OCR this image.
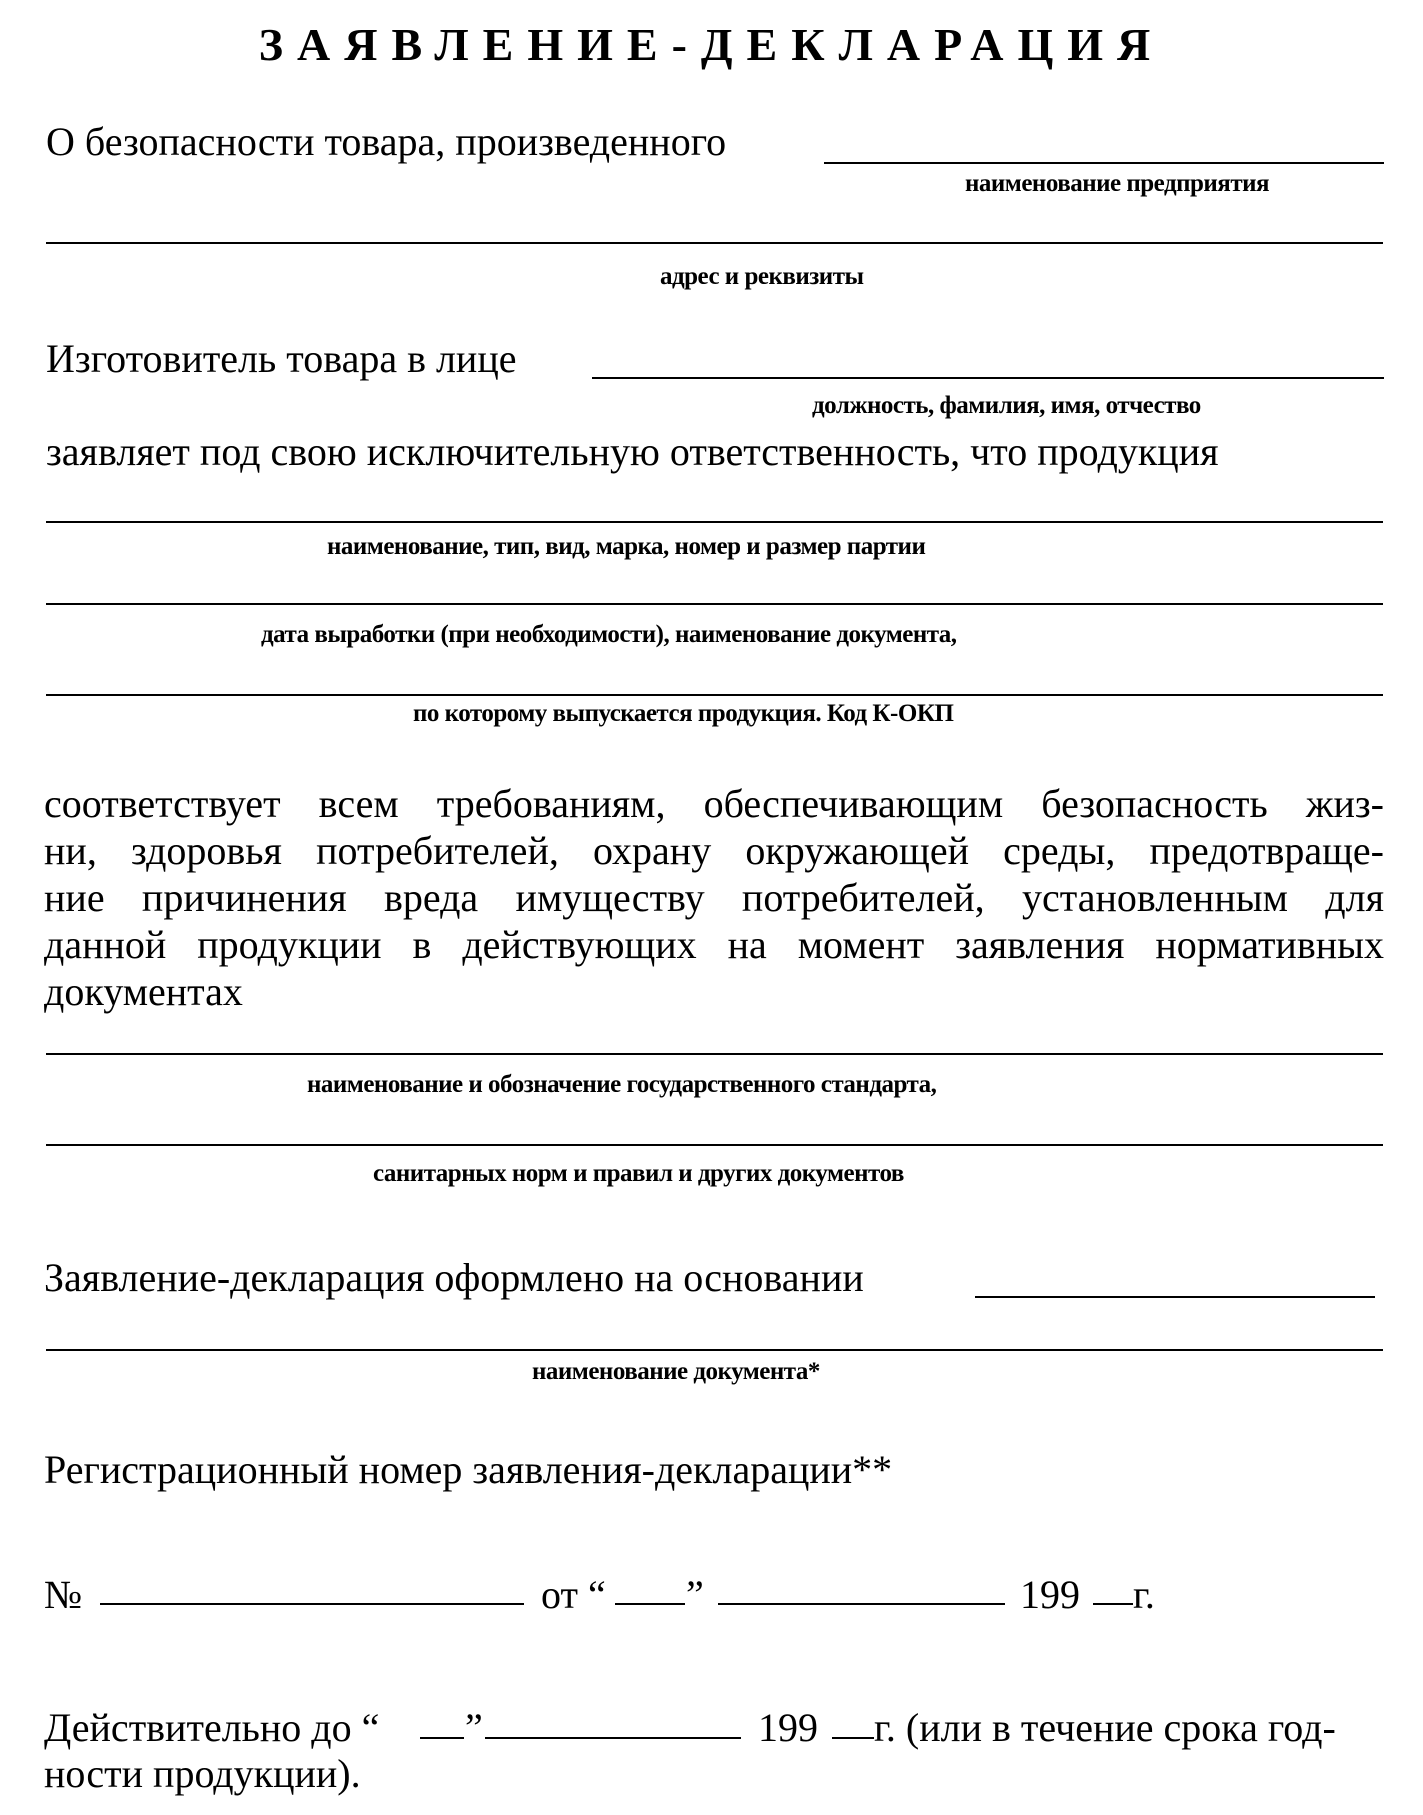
ЗАЯВЛЕНИЕ-ДЕКЛАРАЦИЯ
О безопасности товара, произведенного
наименование предприятия
адрес и реквизиты
Изготовитель товара в лице
должность, фамилия, имя, отчество
заявляет под свою исключительную ответственность, что продукция
наименование, тип, вид, марка, номер и размер партии
дата выработки (при необходимости), наименование документа,
по которому выпускается продукция. Код К-ОКП
соответствует всем требованиям, обеспечивающим безопасность жиз-
ни, здоровья потребителей, охрану окружающей среды, предотвраще-
ние причинения вреда имуществу потребителей, установленным для
данной продукции в действующих на момент заявления нормативных
документах
наименование и обозначение государственного стандарта,
санитарных норм и правил и других документов
Заявление-декларация оформлено на основании
наименование документа*
Регистрационный номер заявления-декларации**
№	от “ ”	199 г.
Действительно до “ ”	199 г. (или в течение срока год-
ности продукции).
